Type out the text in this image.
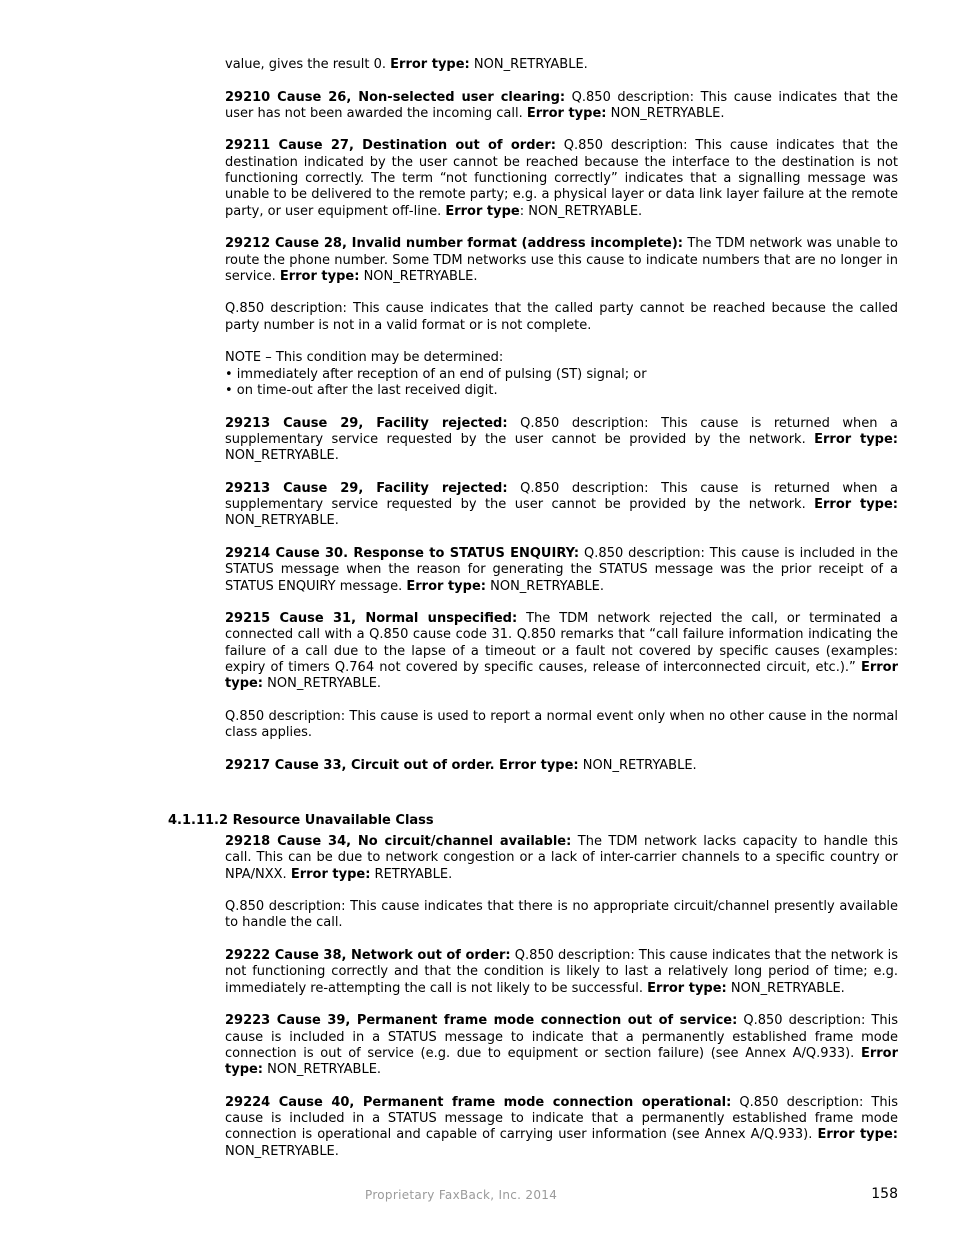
value, gives the result 0. Error type: NON_RETRYABLE.

29210 Cause 26, Non-selected user clearing: Q.850 description: This cause indicates that the user has not been awarded the incoming call. Error type: NON_RETRYABLE.

29211 Cause 27, Destination out of order: Q.850 description: This cause indicates that the destination indicated by the user cannot be reached because the interface to the destination is not functioning correctly. The term “not functioning correctly” indicates that a signalling message was unable to be delivered to the remote party; e.g. a physical layer or data link layer failure at the remote party, or user equipment off-line. Error type: NON_RETRYABLE.

29212 Cause 28, Invalid number format (address incomplete): The TDM network was unable to route the phone number. Some TDM networks use this cause to indicate numbers that are no longer in service. Error type: NON_RETRYABLE.

Q.850 description: This cause indicates that the called party cannot be reached because the called party number is not in a valid format or is not complete.

NOTE – This condition may be determined:

• immediately after reception of an end of pulsing (ST) signal; or

• on time-out after the last received digit.

29213 Cause 29, Facility rejected: Q.850 description: This cause is returned when a supplementary service requested by the user cannot be provided by the network. Error type: NON_RETRYABLE.

29213 Cause 29, Facility rejected: Q.850 description: This cause is returned when a supplementary service requested by the user cannot be provided by the network. Error type: NON_RETRYABLE.

29214 Cause 30. Response to STATUS ENQUIRY: Q.850 description: This cause is included in the STATUS message when the reason for generating the STATUS message was the prior receipt of a STATUS ENQUIRY message. Error type: NON_RETRYABLE.

29215 Cause 31, Normal unspecified: The TDM network rejected the call, or terminated a connected call with a Q.850 cause code 31. Q.850 remarks that “call failure information indicating the failure of a call due to the lapse of a timeout or a fault not covered by specific causes (examples: expiry of timers Q.764 not covered by specific causes, release of interconnected circuit, etc.).” Error type: NON_RETRYABLE.

Q.850 description: This cause is used to report a normal event only when no other cause in the normal class applies.

29217 Cause 33, Circuit out of order. Error type: NON_RETRYABLE.

4.1.11.2 Resource Unavailable Class

29218 Cause 34, No circuit/channel available: The TDM network lacks capacity to handle this call. This can be due to network congestion or a lack of inter-carrier channels to a specific country or NPA/NXX. Error type: RETRYABLE.

Q.850 description: This cause indicates that there is no appropriate circuit/channel presently available to handle the call.

29222 Cause 38, Network out of order: Q.850 description: This cause indicates that the network is not functioning correctly and that the condition is likely to last a relatively long period of time; e.g. immediately re-attempting the call is not likely to be successful. Error type: NON_RETRYABLE.

29223 Cause 39, Permanent frame mode connection out of service: Q.850 description: This cause is included in a STATUS message to indicate that a permanently established frame mode connection is out of service (e.g. due to equipment or section failure) (see Annex A/Q.933). Error type: NON_RETRYABLE.

29224 Cause 40, Permanent frame mode connection operational: Q.850 description: This cause is included in a STATUS message to indicate that a permanently established frame mode connection is operational and capable of carrying user information (see Annex A/Q.933). Error type: NON_RETRYABLE.

Proprietary FaxBack, Inc. 2014	158
